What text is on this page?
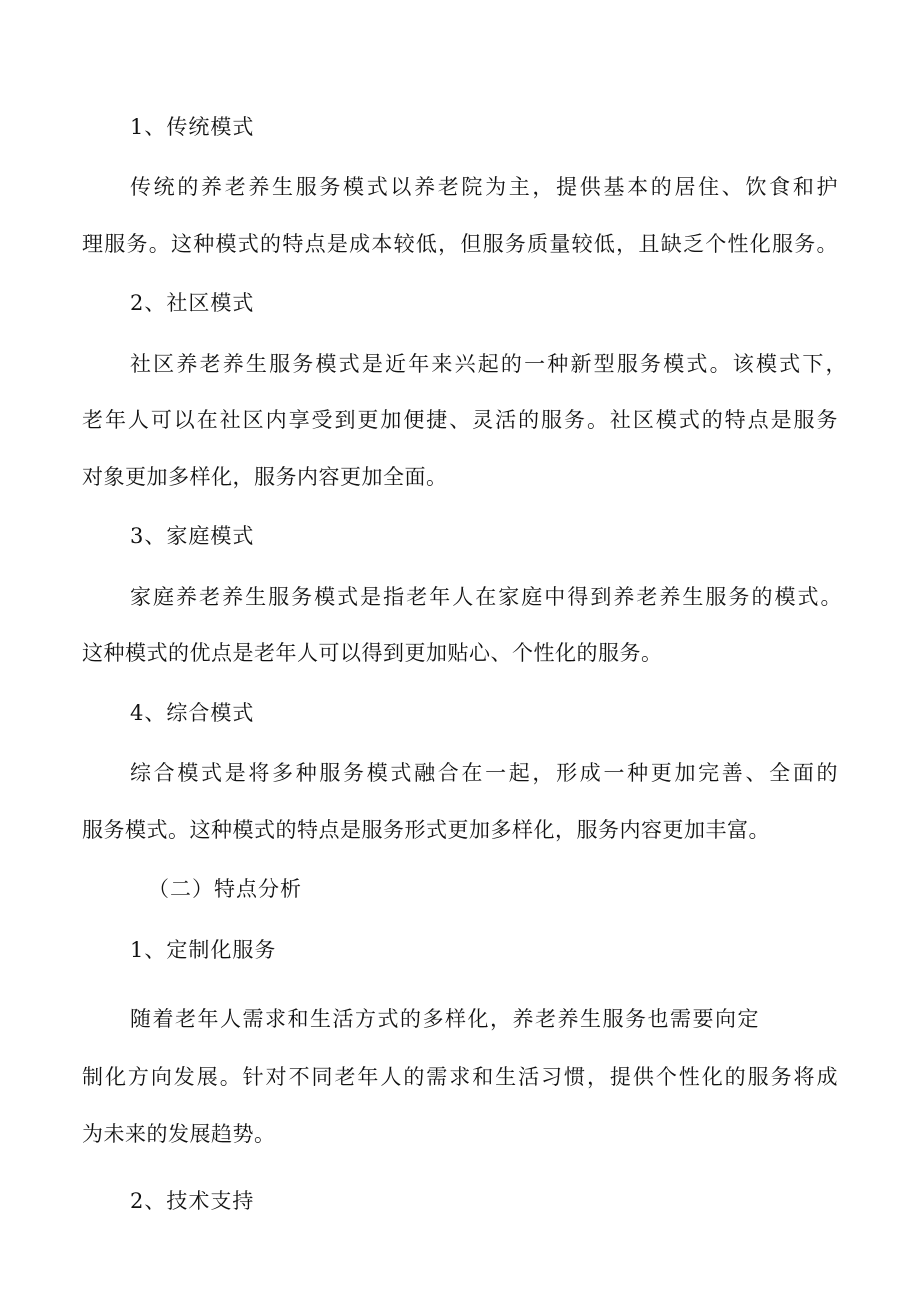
1、传统模式
传统的养老养生服务模式以养老院为主，提供基本的居住、饮食和护
理服务。这种模式的特点是成本较低，但服务质量较低，且缺乏个性化服务。
2、社区模式
社区养老养生服务模式是近年来兴起的一种新型服务模式。该模式下，
老年人可以在社区内享受到更加便捷、灵活的服务。社区模式的特点是服务
对象更加多样化，服务内容更加全面。
3、家庭模式
家庭养老养生服务模式是指老年人在家庭中得到养老养生服务的模式。
这种模式的优点是老年人可以得到更加贴心、个性化的服务。
4、综合模式
综合模式是将多种服务模式融合在一起，形成一种更加完善、全面的
服务模式。这种模式的特点是服务形式更加多样化，服务内容更加丰富。
（二）特点分析
1、定制化服务
随着老年人需求和生活方式的多样化，养老养生服务也需要向定
制化方向发展。针对不同老年人的需求和生活习惯，提供个性化的服务将成
为未来的发展趋势。
2、技术支持
